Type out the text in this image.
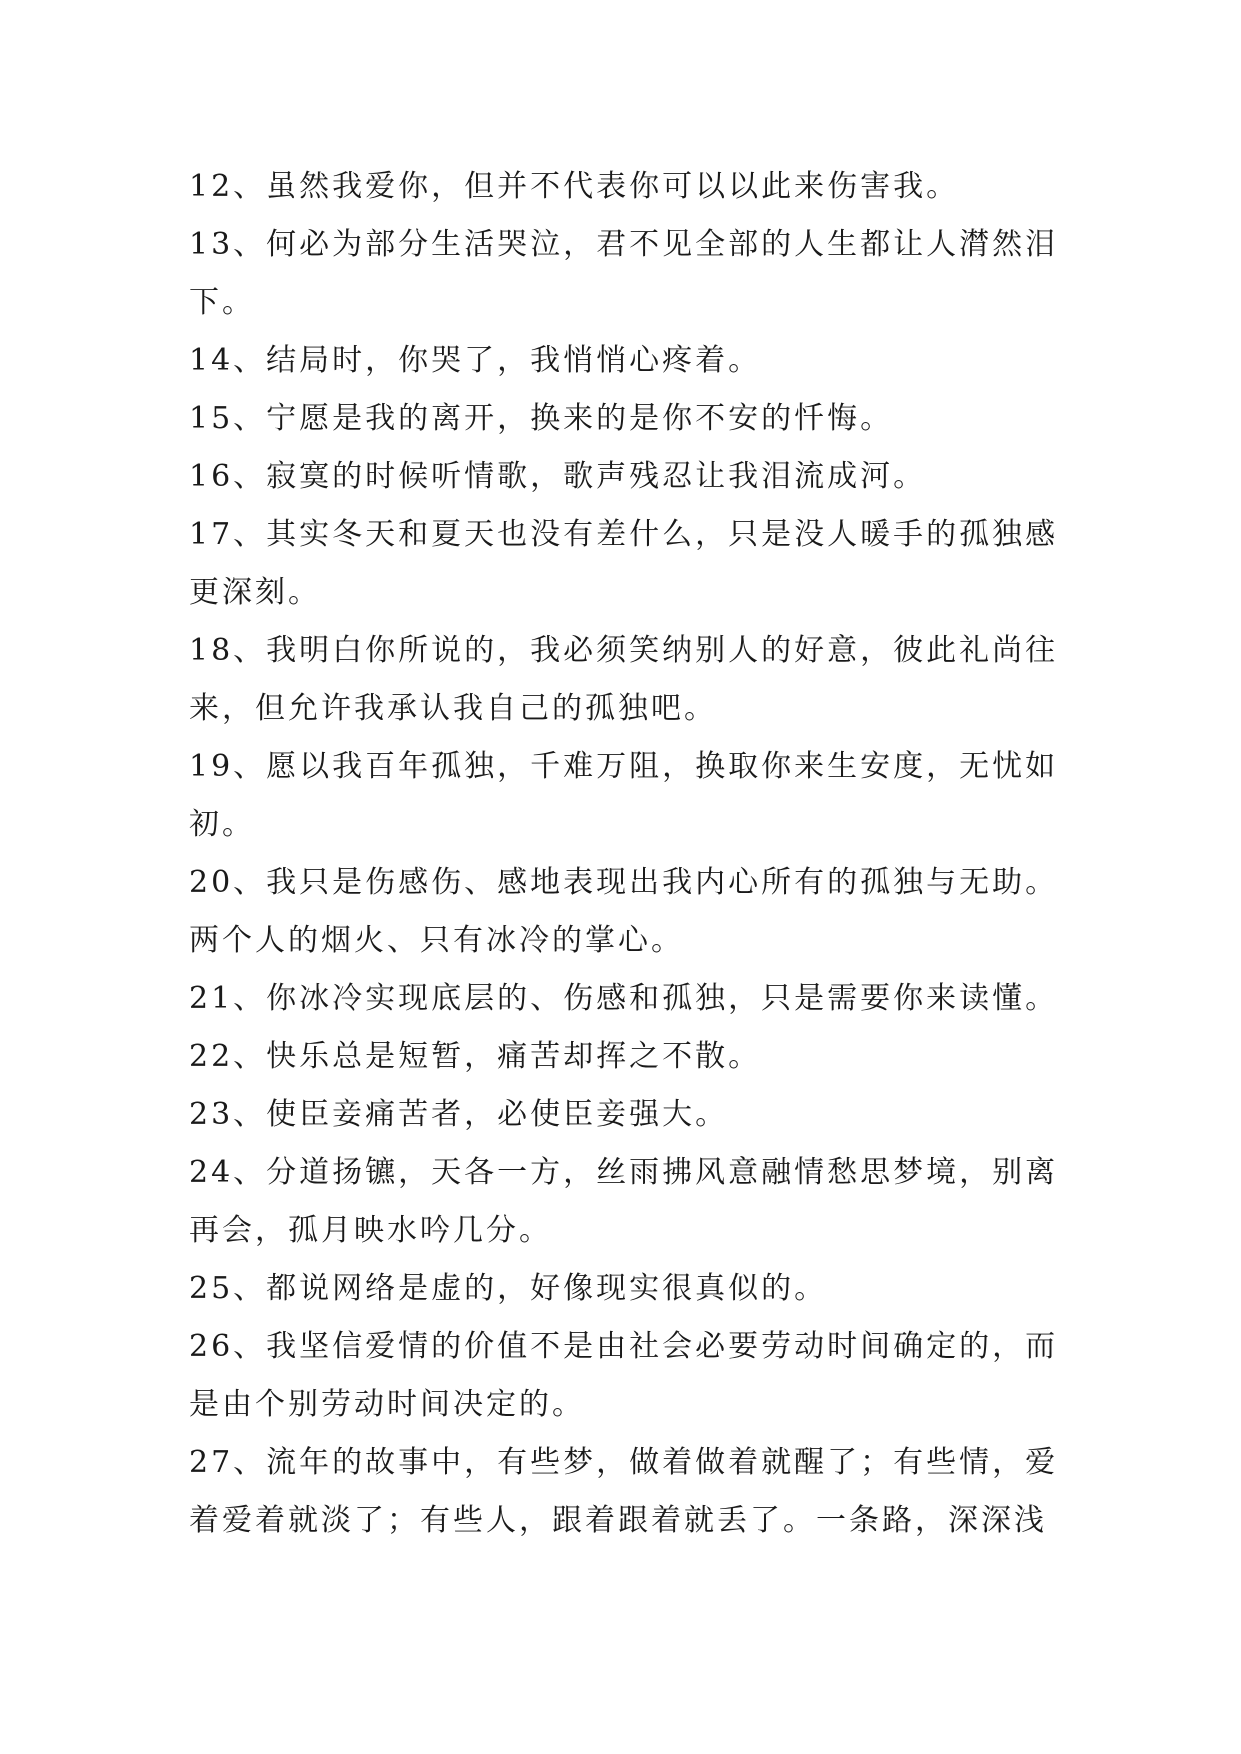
12、虽然我爱你，但并不代表你可以以此来伤害我。

13、何必为部分生活哭泣，君不见全部的人生都让人潸然泪

下。

14、结局时，你哭了，我悄悄心疼着。

15、宁愿是我的离开，换来的是你不安的忏悔。

16、寂寞的时候听情歌，歌声残忍让我泪流成河。

17、其实冬天和夏天也没有差什么，只是没人暖手的孤独感

更深刻。

18、我明白你所说的，我必须笑纳别人的好意，彼此礼尚往

来，但允许我承认我自己的孤独吧。

19、愿以我百年孤独，千难万阻，换取你来生安度，无忧如

初。

20、我只是伤感伤、感地表现出我内心所有的孤独与无助。

两个人的烟火、只有冰冷的掌心。

21、你冰冷实现底层的、伤感和孤独，只是需要你来读懂。

22、快乐总是短暂，痛苦却挥之不散。

23、使臣妾痛苦者，必使臣妾强大。

24、分道扬镳，天各一方，丝雨拂风意融情愁思梦境，别离

再会，孤月映水吟几分。

25、都说网络是虚的，好像现实很真似的。

26、我坚信爱情的价值不是由社会必要劳动时间确定的，而

是由个别劳动时间决定的。

27、流年的故事中，有些梦，做着做着就醒了；有些情，爱

着爱着就淡了；有些人，跟着跟着就丢了。一条路，深深浅
